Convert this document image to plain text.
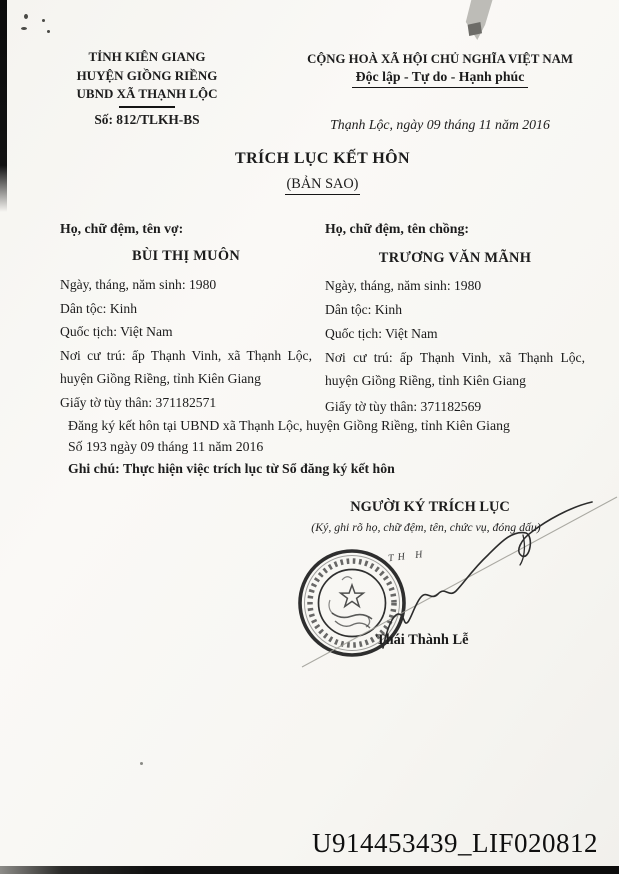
TỈNH KIÊN GIANG
HUYỆN GIỒNG RIỀNG
UBND XÃ THẠNH LỘC
Số: 812/TLKH-BS
CỘNG HOÀ XÃ HỘI CHỦ NGHĨA VIỆT NAM
Độc lập - Tự do - Hạnh phúc
Thạnh Lộc, ngày 09 tháng 11 năm 2016
TRÍCH LỤC KẾT HÔN
(BẢN SAO)
Họ, chữ đệm, tên vợ:
BÙI THỊ MUÔN
Ngày, tháng, năm sinh: 1980
Dân tộc: Kinh
Quốc tịch: Việt Nam
Nơi cư trú: ấp Thạnh Vinh, xã Thạnh Lộc, huyện Giồng Riềng, tỉnh Kiên Giang
Giấy tờ tùy thân: 371182571
Họ, chữ đệm, tên chồng:
TRƯƠNG VĂN MÃNH
Ngày, tháng, năm sinh: 1980
Dân tộc: Kinh
Quốc tịch: Việt Nam
Nơi cư trú: ấp Thạnh Vinh, xã Thạnh Lộc, huyện Giồng Riềng, tỉnh Kiên Giang
Giấy tờ tùy thân: 371182569
Đăng ký kết hôn tại UBND xã Thạnh Lộc, huyện Giồng Riềng, tỉnh Kiên Giang
Số 193 ngày 09 tháng 11 năm 2016
Ghi chú: Thực hiện việc trích lục từ Sổ đăng ký kết hôn
NGƯỜI KÝ TRÍCH LỤC
(Ký, ghi rõ họ, chữ đệm, tên, chức vụ, đóng dấu)
TH H
Thái Thành Lễ
U914453439_LIF020812
